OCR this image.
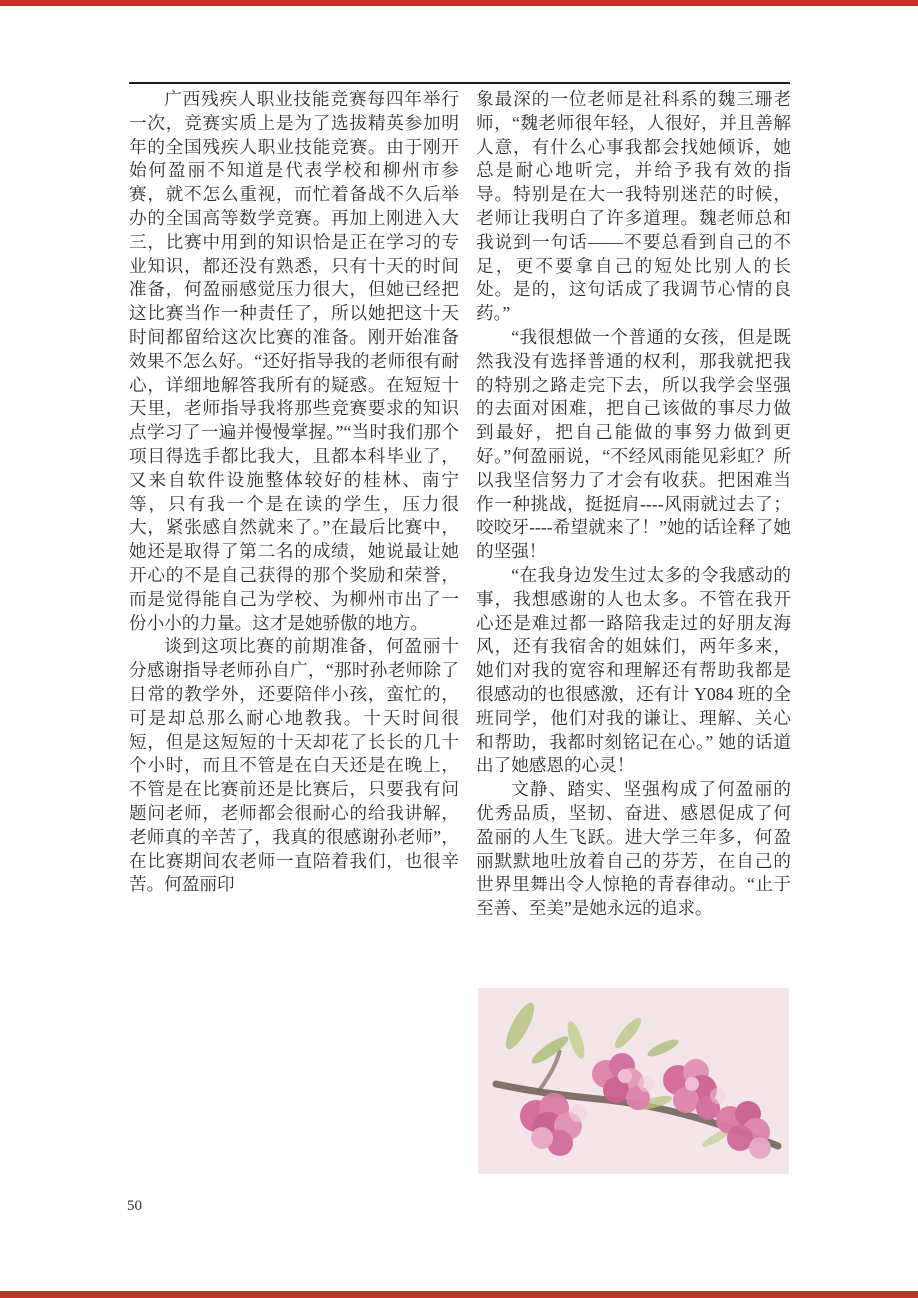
广西残疾人职业技能竞赛每四年举行一次，竞赛实质上是为了选拔精英参加明年的全国残疾人职业技能竞赛。由于刚开始何盈丽不知道是代表学校和柳州市参赛，就不怎么重视，而忙着备战不久后举办的全国高等数学竞赛。再加上刚进入大三，比赛中用到的知识恰是正在学习的专业知识，都还没有熟悉，只有十天的时间准备，何盈丽感觉压力很大，但她已经把这比赛当作一种责任了，所以她把这十天时间都留给这次比赛的准备。刚开始准备效果不怎么好。“还好指导我的老师很有耐心，详细地解答我所有的疑惑。在短短十天里，老师指导我将那些竞赛要求的知识点学习了一遍并慢慢掌握。”“当时我们那个项目得选手都比我大，且都本科毕业了，又来自软件设施整体较好的桂林、南宁等，只有我一个是在读的学生，压力很大，紧张感自然就来了。”在最后比赛中，她还是取得了第二名的成绩，她说最让她开心的不是自己获得的那个奖励和荣誉，而是觉得能自己为学校、为柳州市出了一份小小的力量。这才是她骄傲的地方。

谈到这项比赛的前期准备，何盈丽十分感谢指导老师孙自广，“那时孙老师除了日常的教学外，还要陪伴小孩，蛮忙的，可是却总那么耐心地教我。十天时间很短，但是这短短的十天却花了长长的几十个小时，而且不管是在白天还是在晚上，不管是在比赛前还是比赛后，只要我有问题问老师，老师都会很耐心的给我讲解，老师真的辛苦了，我真的很感谢孙老师”，在比赛期间农老师一直陪着我们，也很辛苦。何盈丽印

象最深的一位老师是社科系的魏三珊老师，“魏老师很年轻，人很好，并且善解人意，有什么心事我都会找她倾诉，她总是耐心地听完，并给予我有效的指导。特别是在大一我特别迷茫的时候，老师让我明白了许多道理。魏老师总和我说到一句话——不要总看到自己的不足，更不要拿自己的短处比别人的长处。是的，这句话成了我调节心情的良药。”

“我很想做一个普通的女孩，但是既然我没有选择普通的权利，那我就把我的特别之路走完下去，所以我学会坚强的去面对困难，把自己该做的事尽力做到最好，把自己能做的事努力做到更好。”何盈丽说，“不经风雨能见彩虹？所以我坚信努力了才会有收获。把困难当作一种挑战，挺挺肩----风雨就过去了；咬咬牙----希望就来了！”她的话诠释了她的坚强！

“在我身边发生过太多的令我感动的事，我想感谢的人也太多。不管在我开心还是难过都一路陪我走过的好朋友海风，还有我宿舍的姐妹们，两年多来，她们对我的宽容和理解还有帮助我都是很感动的也很感激，还有计 Y084 班的全班同学，他们对我的谦让、理解、关心和帮助，我都时刻铭记在心。” 她的话道出了她感恩的心灵！

文静、踏实、坚强构成了何盈丽的优秀品质，坚韧、奋进、感恩促成了何盈丽的人生飞跃。进大学三年多，何盈丽默默地吐放着自己的芬芳，在自己的世界里舞出令人惊艳的青春律动。“止于至善、至美”是她永远的追求。

50
